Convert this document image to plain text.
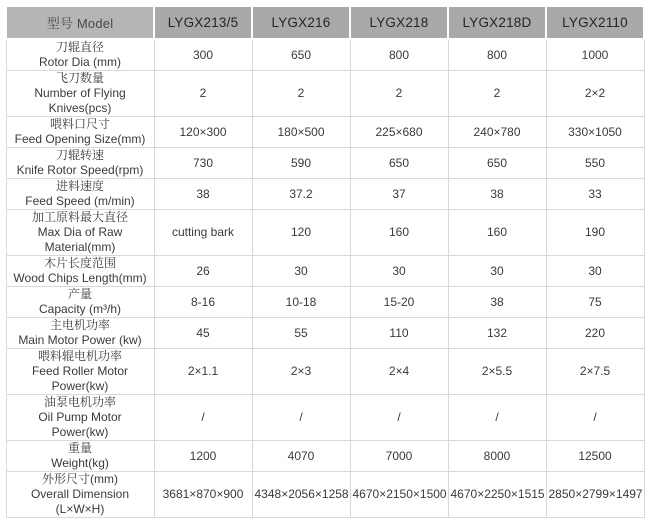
型号 Model	LYGX213/5	LYGX216	LYGX218	LYGX218D	LYGX2110

刀辊直径
Rotor Dia (mm)	300	650	800	800	1000

飞刀数量
Number of Flying Knives(pcs)	2	2	2	2	2×2

喂料口尺寸
Feed Opening Size(mm)	120×300	180×500	225×680	240×780	330×1050

刀辊转速
Knife Rotor Speed(rpm)	730	590	650	650	550

进料速度
Feed Speed (m/min)	38	37.2	37	38	33

加工原料最大直径
Max Dia of Raw Material(mm)	cutting bark	120	160	160	190

木片长度范围
Wood Chips Length(mm)	26	30	30	30	30

产量
Capacity (m³/h)	8-16	10-18	15-20	38	75

主电机功率
Main Motor Power (kw)	45	55	110	132	220

喂料辊电机功率
Feed Roller Motor Power(kw)	2×1.1	2×3	2×4	2×5.5	2×7.5

油泵电机功率
Oil Pump Motor Power(kw)	/	/	/	/	/

重量
Weight(kg)	1200	4070	7000	8000	12500

外形尺寸(mm)
Overall Dimension (L×W×H)	3681×870×900	4348×2056×1258	4670×2150×1500	4670×2250×1515	2850×2799×1497
